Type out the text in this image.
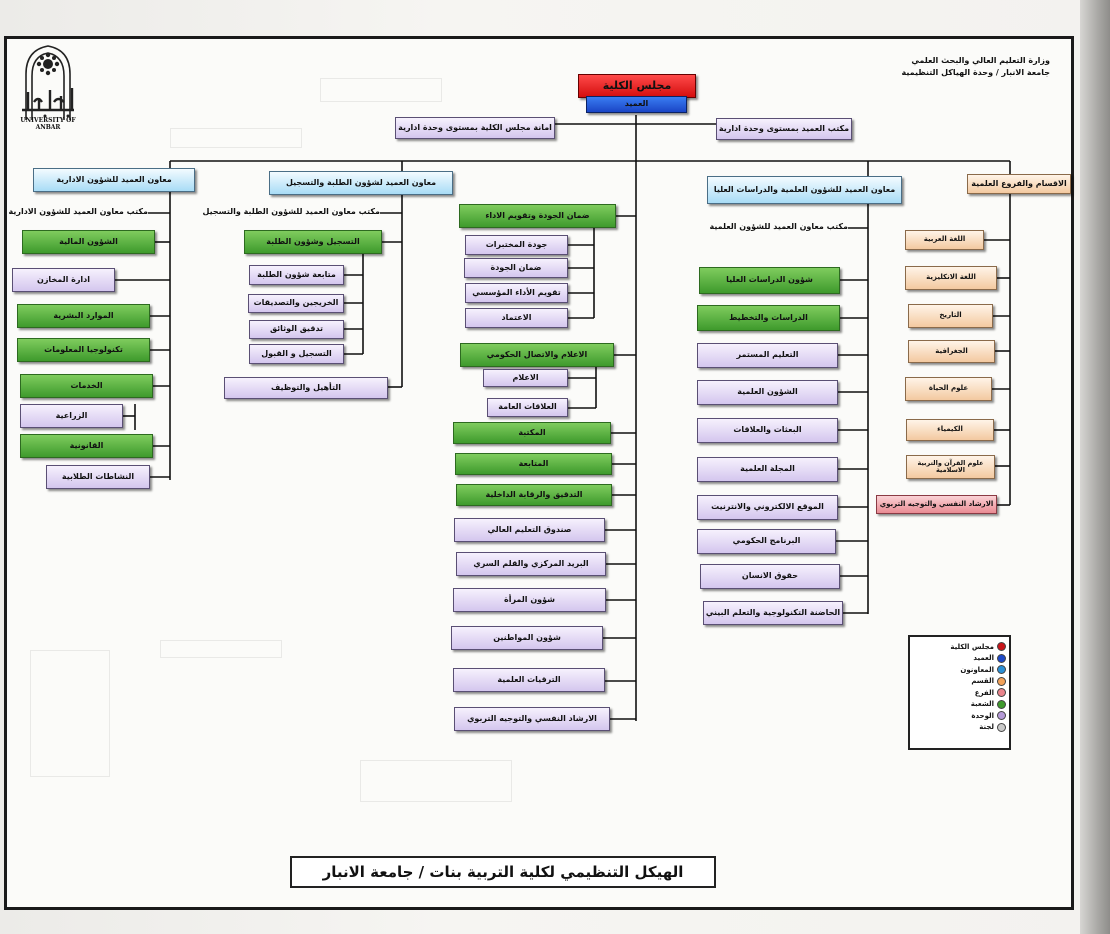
UNIVERSITY OF ANBAR
وزارة التعليم العالي والبحث العلمي
جامعة الانبار / وحدة الهياكل التنظيمية
مجلس الكلية
العميد
امانة مجلس الكلية بمستوى وحدة ادارية	مكتب العميد بمستوى وحدة ادارية
معاون العميد للشؤون الادارية
مكتب معاون العميد للشؤون الادارية
الشؤون المالية
ادارة المخازن
الموارد البشرية
تكنولوجيا المعلومات
الخدمات
الزراعية
القانونية
النشاطات الطلابية
معاون العميد لشؤون الطلبة والتسجيل
مكتب معاون العميد للشؤون الطلبة والتسجيل
التسجيل وشؤون الطلبة
متابعة شؤون الطلبة
الخريجين والتصديقات
تدقيق الوثائق
التسجيل و القبول
التأهيل والتوظيف
ضمان الجودة وتقويم الاداء
جودة المختبرات
ضمان الجودة
تقويم الأداء المؤسسي
الاعتماد
الاعلام والاتصال الحكومي
الاعلام
العلاقات العامة
المكتبة
المتابعة
التدقيق والرقابة الداخلية
صندوق التعليم العالي
البريد المركزي والقلم السري
شؤون المرأة
شؤون المواطنين
الترقيات العلمية
الارشاد النفسي والتوجيه التربوي
معاون العميد للشؤون العلمية والدراسات العليا
مكتب معاون العميد للشؤون العلمية
شؤون الدراسات العليا
الدراسات والتخطيط
التعليم المستمر
الشؤون العلمية
البعثات والعلاقات
المجلة العلمية
الموقع الالكتروني والانترنيت
البرنامج الحكومي
حقوق الانسان
الحاضنة التكنولوجية والتعلم البيني
الاقسام والفروع العلمية
اللغة العربية
اللغة الانكليزية
التاريخ
الجغرافية
علوم الحياة
الكيمياء
علوم القرآن والتربية الاسلامية
الارشاد النفسي والتوجيه التربوي
مجلس الكلية
العميد
المعاونون
القسم
الفرع
الشعبة
الوحدة
لجنة
الهيكل التنظيمي لكلية التربية بنات / جامعة الانبار
